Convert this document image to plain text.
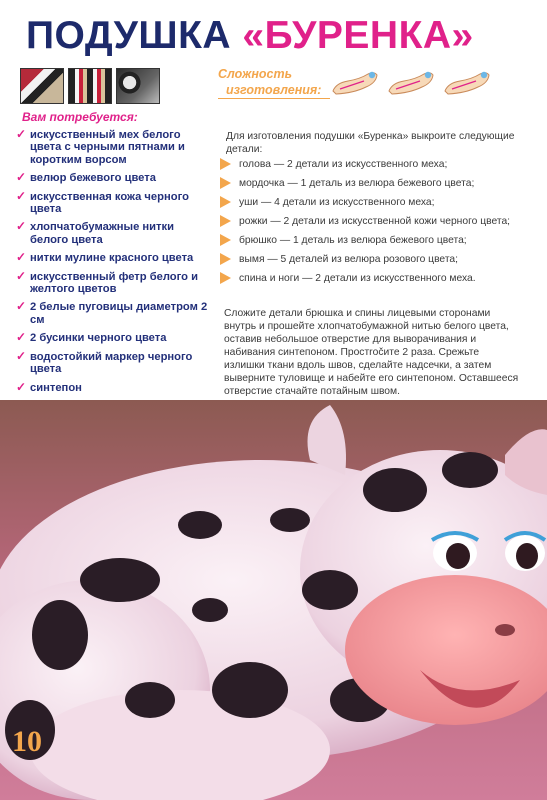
ПОДУШКА «БУРЕНКА»

Вам потребуется:

✓ искусственный мех белого цвета с черными пятнами и коротким ворсом
✓ велюр бежевого цвета
✓ искусственная кожа черного цвета
✓ хлопчатобумажные нитки белого цвета
✓ нитки мулине красного цвета
✓ искусственный фетр белого и желтого цветов
✓ 2 белые пуговицы диаметром 2 см
✓ 2 бусинки черного цвета
✓ водостойкий маркер черного цвета
✓ синтепон
Сложность
изготовления:

Для изготовления подушки «Буренка» выкроите следующие детали:

голова — 2 детали из искусственного меха;
мордочка — 1 деталь из велюра бежевого цвета;
уши — 4 детали из искусственного меха;
рожки — 2 детали из искусственной кожи черного цвета;
брюшко — 1 деталь из велюра бежевого цвета;
вымя — 5 деталей из велюра розового цвета;
спина и ноги — 2 детали из искусственного меха.

Сложите детали брюшка и спины лицевыми сторонами внутрь и прошейте хлопчатобумажной нитью белого цвета, оставив небольшое отверстие для выворачивания и набивания синтепоном. Простročите 2 раза. Срежьте излишки ткани вдоль швов, сделайте надсечки, а затем выверните туловище и набейте его синтепоном. Оставшееся отверстие стачайте потайным швом.

10
